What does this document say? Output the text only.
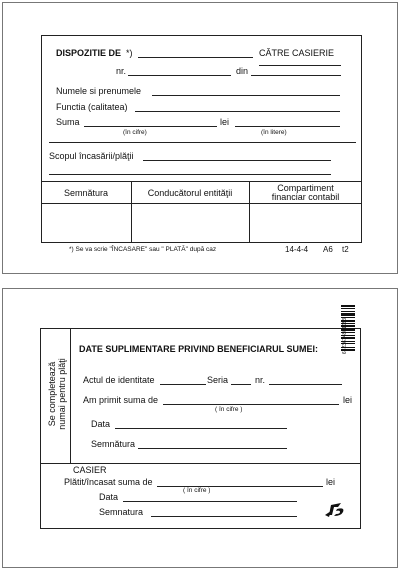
DISPOZITIE DE *)	CĂTRE CASIERIE
nr.	din
Numele si prenumele
Functia (calitatea)
Suma	lei
(în cifre)	(în litere)
Scopul încasării/plăţii
Semnătura	Conducătorul entităţii	Compartiment
financiar contabil
*) Se va scrie "ÎNCASARE" sau " PLATĂ" după caz	14-4-4 A6 t2
Se completează numai pentru plăţi
6423674801083
DATE SUPLIMENTARE PRIVIND BENEFICIARUL SUMEI:
Actul de identitate	Seria	nr.
Am primit suma de	lei
( în cifre )
Data
Semnătura
CASIER
Plătit/încasat suma de	lei
( în cifre )
Data
Semnatura
